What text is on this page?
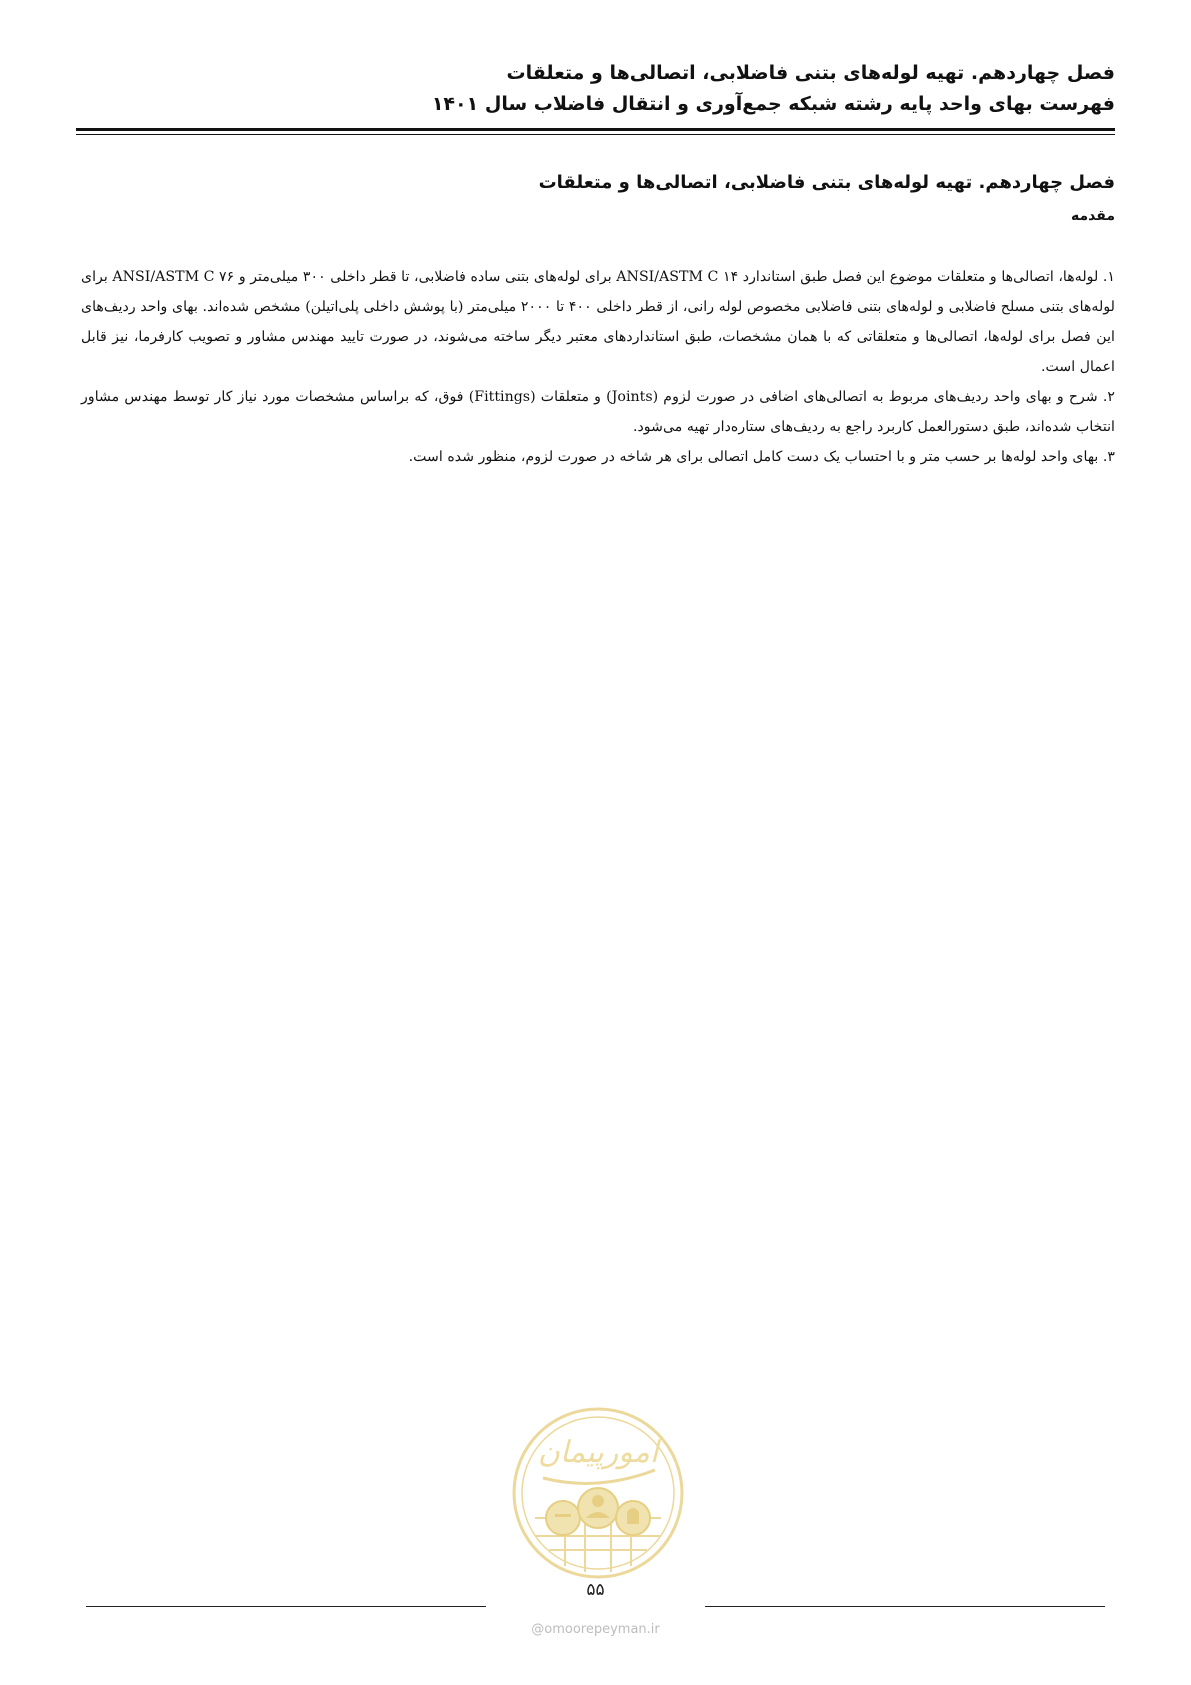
فصل چهاردهم. تهیه لوله‌های بتنی فاضلابی، اتصالی‌ها و متعلقات
فهرست بهای واحد پایه رشته شبکه جمع‌آوری و انتقال فاضلاب سال ۱۴۰۱
فصل چهاردهم. تهیه لوله‌های بتنی فاضلابی، اتصالی‌ها و متعلقات
مقدمه

۱. لوله‌ها، اتصالی‌ها و متعلقات موضوع این فصل طبق استاندارد ANSI/ASTM C ۱۴ برای لوله‌های بتنی ساده فاضلابی، تا قطر داخلی ۳۰۰ میلی‌متر و ANSI/ASTM C ۷۶ برای لوله‌های بتنی مسلح فاضلابی و لوله‌های بتنی فاضلابی مخصوص لوله رانی، از قطر داخلی ۴۰۰ تا ۲۰۰۰ میلی‌متر (با پوشش داخلی پلی‌اتیلن) مشخص شده‌اند. بهای واحد ردیف‌های این فصل برای لوله‌ها، اتصالی‌ها و متعلقاتی که با همان مشخصات، طبق استانداردهای معتبر دیگر ساخته می‌شوند، در صورت تایید مهندس مشاور و تصویب کارفرما، نیز قابل اعمال است.

۲. شرح و بهای واحد ردیف‌های مربوط به اتصالی‌های اضافی در صورت لزوم (Joints) و متعلقات (Fittings) فوق، که براساس مشخصات مورد نیاز کار توسط مهندس مشاور انتخاب شده‌اند، طبق دستورالعمل کاربرد راجع به ردیف‌های ستاره‌دار تهیه می‌شود.

۳. بهای واحد لوله‌ها بر حسب متر و با احتساب یک دست کامل اتصالی برای هر شاخه در صورت لزوم، منظور شده است.

امورپیمان
۵۵
@omoorepeyman.ir
